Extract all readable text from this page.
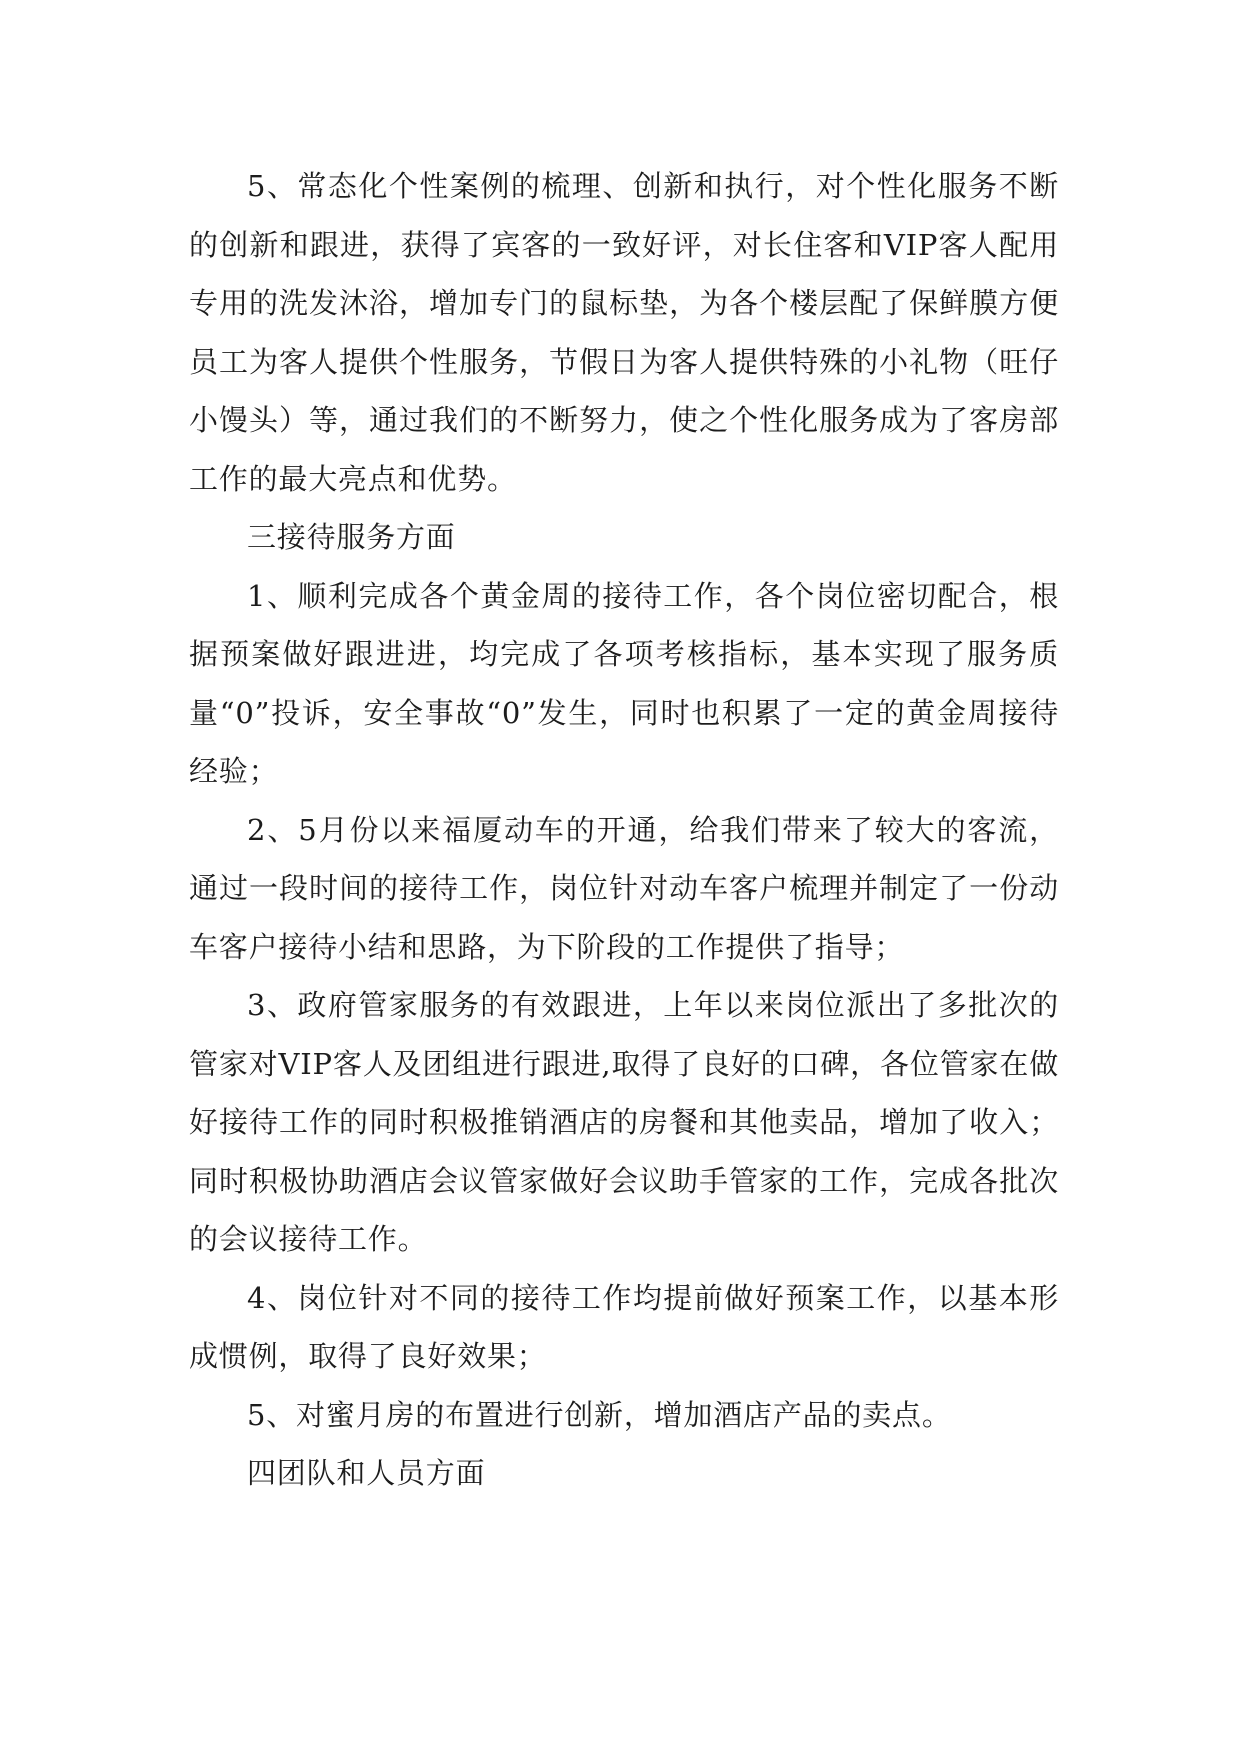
5、常态化个性案例的梳理、创新和执行，对个性化服务不断的创新和跟进，获得了宾客的一致好评，对长住客和VIP客人配用专用的洗发沐浴，增加专门的鼠标垫，为各个楼层配了保鲜膜方便员工为客人提供个性服务，节假日为客人提供特殊的小礼物（旺仔小馒头）等，通过我们的不断努力，使之个性化服务成为了客房部工作的最大亮点和优势。

三接待服务方面

1、顺利完成各个黄金周的接待工作，各个岗位密切配合，根据预案做好跟进进，均完成了各项考核指标，基本实现了服务质量“0”投诉，安全事故“0”发生，同时也积累了一定的黄金周接待经验；

2、5月份以来福厦动车的开通，给我们带来了较大的客流，通过一段时间的接待工作，岗位针对动车客户梳理并制定了一份动车客户接待小结和思路，为下阶段的工作提供了指导；

3、政府管家服务的有效跟进，上年以来岗位派出了多批次的管家对VIP客人及团组进行跟进,取得了良好的口碑，各位管家在做好接待工作的同时积极推销酒店的房餐和其他卖品，增加了收入；同时积极协助酒店会议管家做好会议助手管家的工作，完成各批次的会议接待工作。

4、岗位针对不同的接待工作均提前做好预案工作，以基本形成惯例，取得了良好效果；

5、对蜜月房的布置进行创新，增加酒店产品的卖点。

四团队和人员方面
